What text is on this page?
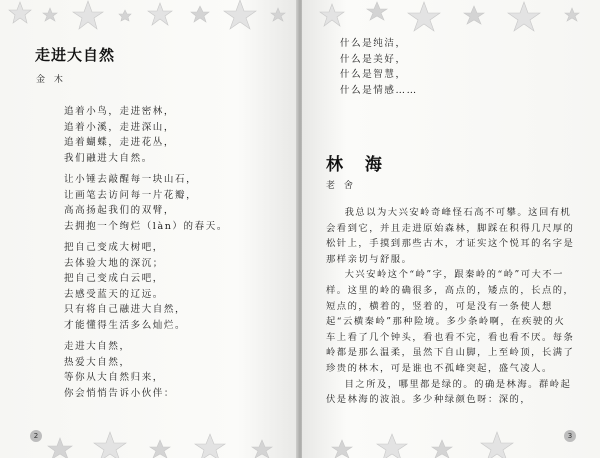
走进大自然
金 木
追着小鸟，走进密林，
追着小溪，走进深山，
追着蝴蝶，走进花丛，
我们融进大自然。
让小锤去敲醒每一块山石，
让画笔去访问每一片花瓣，
高高扬起我们的双臂，
去拥抱一个绚烂（làn）的春天。
把自己变成大树吧，
去体验大地的深沉；
把自己变成白云吧，
去感受蓝天的辽远。
只有将自己融进大自然，
才能懂得生活多么灿烂。
走进大自然，
热爱大自然，
等你从大自然归来，
你会悄悄告诉小伙伴：
2
什么是纯洁，
什么是美好，
什么是智慧，
什么是情感……
林 海
老 舍

我总以为大兴安岭奇峰怪石高不可攀。这回有机会看到它，并且走进原始森林，脚踩在积得几尺厚的松针上，手摸到那些古木，才证实这个悦耳的名字是那样亲切与舒服。

大兴安岭这个“岭”字，跟秦岭的“岭”可大不一样。这里的岭的确很多，高点的，矮点的，长点的，短点的，横着的，竖着的，可是没有一条使人想起“云横秦岭”那种险境。多少条岭啊，在疾驶的火车上看了几个钟头，看也看不完，看也看不厌。每条岭都是那么温柔，虽然下自山脚，上至岭顶，长满了珍贵的林木，可是谁也不孤峰突起，盛气凌人。

目之所及，哪里都是绿的。的确是林海。群岭起伏是林海的波浪。多少种绿颜色呀：深的，

3
